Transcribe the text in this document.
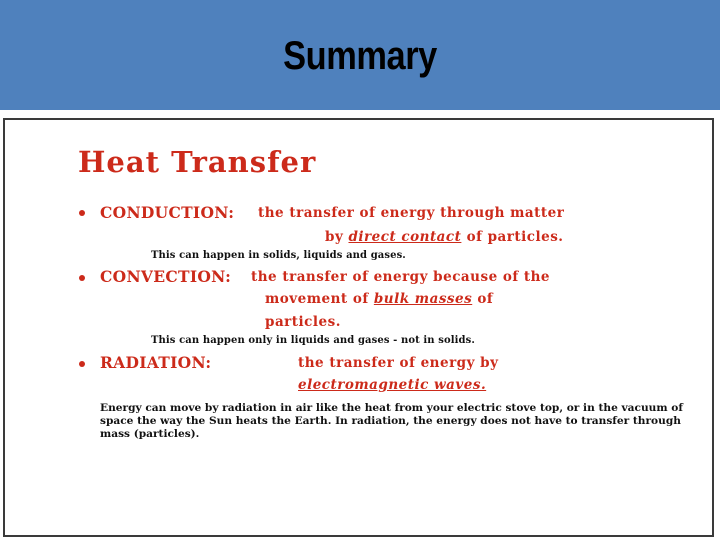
Summary
Heat Transfer
CONDUCTION: the transfer of energy through matter
by direct contact of particles.
This can happen in solids, liquids and gases.
CONVECTION: the transfer of energy because of the
movement of bulk masses of
particles.
This can happen only in liquids and gases - not in solids.
RADIATION:	the transfer of energy by
electromagnetic waves.
Energy can move by radiation in air like the heat from your electric stove top, or in the vacuum of space the way the Sun heats the Earth. In radiation, the energy does not have to transfer through mass (particles).
